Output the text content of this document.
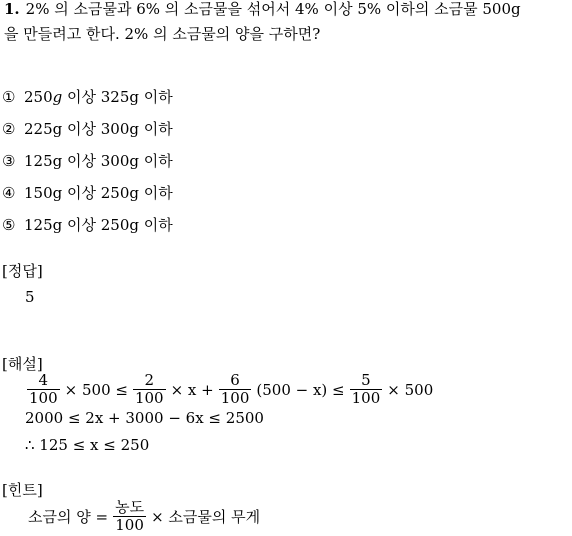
1. 2% 의 소금물과 6% 의 소금물을 섞어서 4% 이상 5% 이하의 소금물 500g
을 만들려고 한다. 2% 의 소금물의 양을 구하면?
① 250g 이상 325g 이하
② 225g 이상 300g 이하
③ 125g 이상 300g 이하
④ 150g 이상 250g 이하
⑤ 125g 이상 250g 이하
[정답]
5
[해설]
$\frac{4}{100} \times 500 \le \frac{2}{100} \times x + \frac{6}{100} (500 - x) \le \frac{5}{100} \times 500$
2000 ≤ 2x + 3000 − 6x ≤ 2500
∴ 125 ≤ x ≤ 250
[힌트]
소금의 양 = $\frac{\text{농도}}{100}$ × 소금물의 무게
